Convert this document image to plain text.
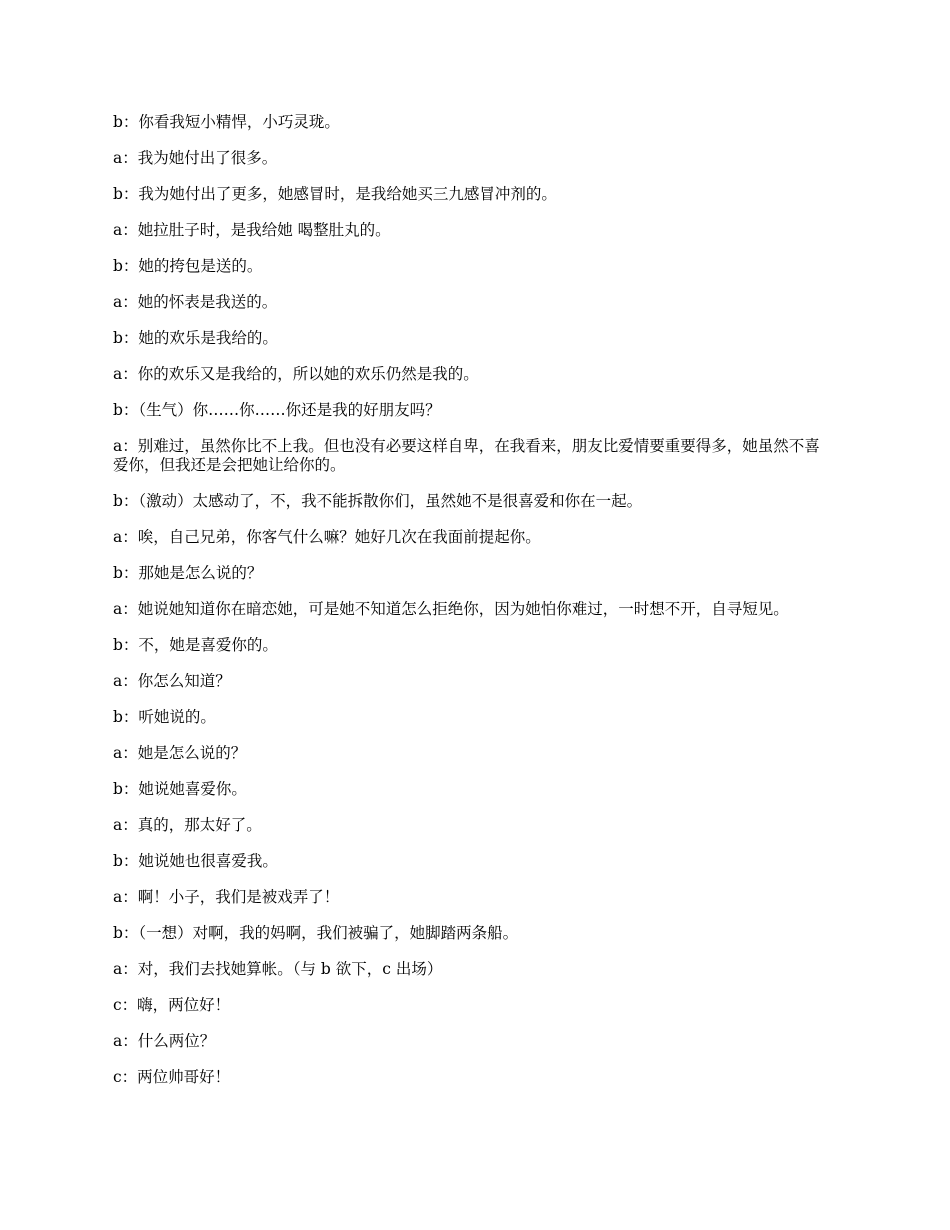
b：你看我短小精悍，小巧灵珑。
a：我为她付出了很多。
b：我为她付出了更多，她感冒时，是我给她买三九感冒冲剂的。
a：她拉肚子时，是我给她 喝整肚丸的。
b：她的挎包是送的。
a：她的怀表是我送的。
b：她的欢乐是我给的。
a：你的欢乐又是我给的，所以她的欢乐仍然是我的。
b：（生气）你……你……你还是我的好朋友吗？
a：别难过，虽然你比不上我。但也没有必要这样自卑，在我看来，朋友比爱情要重要得多，她虽然不喜爱你，但我还是会把她让给你的。
b：（激动）太感动了，不，我不能拆散你们，虽然她不是很喜爱和你在一起。
a：唉，自己兄弟，你客气什么嘛？她好几次在我面前提起你。
b：那她是怎么说的？
a：她说她知道你在暗恋她，可是她不知道怎么拒绝你，因为她怕你难过，一时想不开，自寻短见。
b：不，她是喜爱你的。
a：你怎么知道？
b：听她说的。
a：她是怎么说的？
b：她说她喜爱你。
a：真的，那太好了。
b：她说她也很喜爱我。
a：啊！小子，我们是被戏弄了！
b：（一想）对啊，我的妈啊，我们被骗了，她脚踏两条船。
a：对，我们去找她算帐。（与 b 欲下，c 出场）
c：嗨，两位好！
a：什么两位？
c：两位帅哥好！
